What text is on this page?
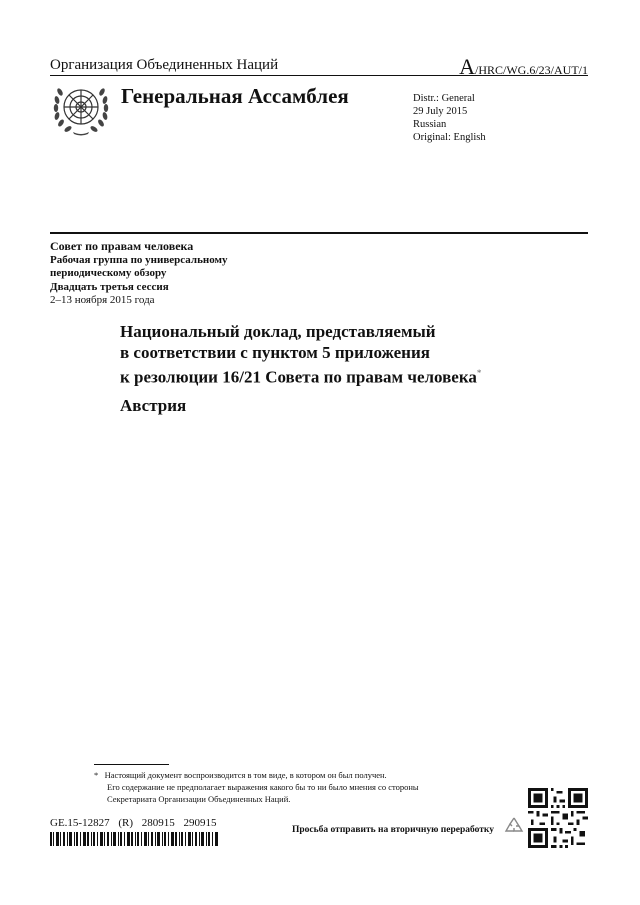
Организация Объединенных Наций	A/HRC/WG.6/23/AUT/1
Генеральная Ассамблея	Distr.: General
29 July 2015
Russian
Original: English
Совет по правам человека
Рабочая группа по универсальному
периодическому обзору
Двадцать третья сессия
2–13 ноября 2015 года
Национальный доклад, представляемый
в соответствии с пунктом 5 приложения
к резолюции 16/21 Совета по правам человека*
Австрия
* Настоящий документ воспроизводится в том виде, в котором он был получен.
Его содержание не предполагает выражения какого бы то ни было мнения со стороны
Секретариата Организации Объединенных Наций.
GE.15-12827 (R) 280915 290915
Просьба отправить на вторичную переработку
